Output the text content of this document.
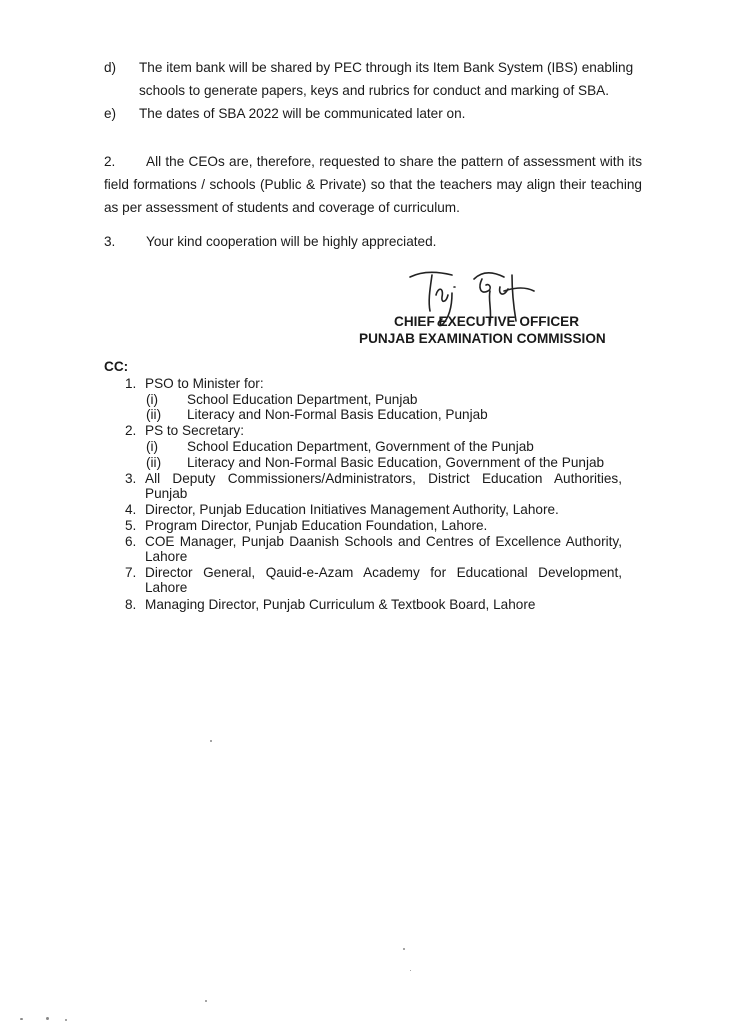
d) The item bank will be shared by PEC through its Item Bank System (IBS) enabling
schools to generate papers, keys and rubrics for conduct and marking of SBA.
e) The dates of SBA 2022 will be communicated later on.
2. All the CEOs are, therefore, requested to share the pattern of assessment with its
field formations / schools (Public & Private) so that the teachers may align their teaching
as per assessment of students and coverage of curriculum.
3. Your kind cooperation will be highly appreciated.
CHIEF EXECUTIVE OFFICER
PUNJAB EXAMINATION COMMISSION
CC:
1. PSO to Minister for:
(i) School Education Department, Punjab
(ii) Literacy and Non-Formal Basis Education, Punjab
2. PS to Secretary:
(i) School Education Department, Government of the Punjab
(ii) Literacy and Non-Formal Basic Education, Government of the Punjab
3. All Deputy Commissioners/Administrators, District Education Authorities,
Punjab
4. Director, Punjab Education Initiatives Management Authority, Lahore.
5. Program Director, Punjab Education Foundation, Lahore.
6. COE Manager, Punjab Daanish Schools and Centres of Excellence Authority,
Lahore
7. Director General, Qauid-e-Azam Academy for Educational Development,
Lahore
8. Managing Director, Punjab Curriculum & Textbook Board, Lahore
